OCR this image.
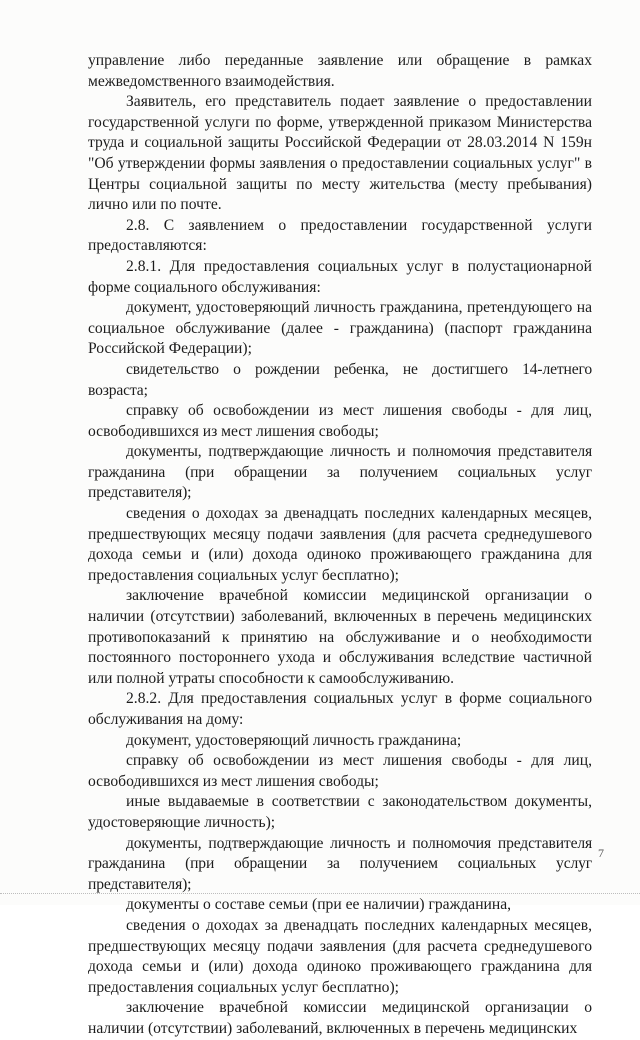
управление либо переданные заявление или обращение в рамках межведомственного взаимодействия.

Заявитель, его представитель подает заявление о предоставлении государственной услуги по форме, утвержденной приказом Министерства труда и социальной защиты Российской Федерации от 28.03.2014 N 159н "Об утверждении формы заявления о предоставлении социальных услуг" в Центры социальной защиты по месту жительства (месту пребывания) лично или по почте.

2.8. С заявлением о предоставлении государственной услуги предоставляются:

2.8.1. Для предоставления социальных услуг в полустационарной форме социального обслуживания:

документ, удостоверяющий личность гражданина, претендующего на социальное обслуживание (далее - гражданина) (паспорт гражданина Российской Федерации);

свидетельство о рождении ребенка, не достигшего 14-летнего возраста;

справку об освобождении из мест лишения свободы - для лиц, освободившихся из мест лишения свободы;

документы, подтверждающие личность и полномочия представителя гражданина (при обращении за получением социальных услуг представителя);

сведения о доходах за двенадцать последних календарных месяцев, предшествующих месяцу подачи заявления (для расчета среднедушевого дохода семьи и (или) дохода одиноко проживающего гражданина для предоставления социальных услуг бесплатно);

заключение врачебной комиссии медицинской организации о наличии (отсутствии) заболеваний, включенных в перечень медицинских противопоказаний к принятию на обслуживание и о необходимости постоянного постороннего ухода и обслуживания вследствие частичной или полной утраты способности к самообслуживанию.

2.8.2. Для предоставления социальных услуг в форме социального обслуживания на дому:

документ, удостоверяющий личность гражданина;

справку об освобождении из мест лишения свободы - для лиц, освободившихся из мест лишения свободы;

иные выдаваемые в соответствии с законодательством документы, удостоверяющие личность);

документы, подтверждающие личность и полномочия представителя гражданина (при обращении за получением социальных услуг представителя);

документы о составе семьи (при ее наличии) гражданина,

сведения о доходах за двенадцать последних календарных месяцев, предшествующих месяцу подачи заявления (для расчета среднедушевого дохода семьи и (или) дохода одиноко проживающего гражданина для предоставления социальных услуг бесплатно);

заключение врачебной комиссии медицинской организации о наличии (отсутствии) заболеваний, включенных в перечень медицинских

7
